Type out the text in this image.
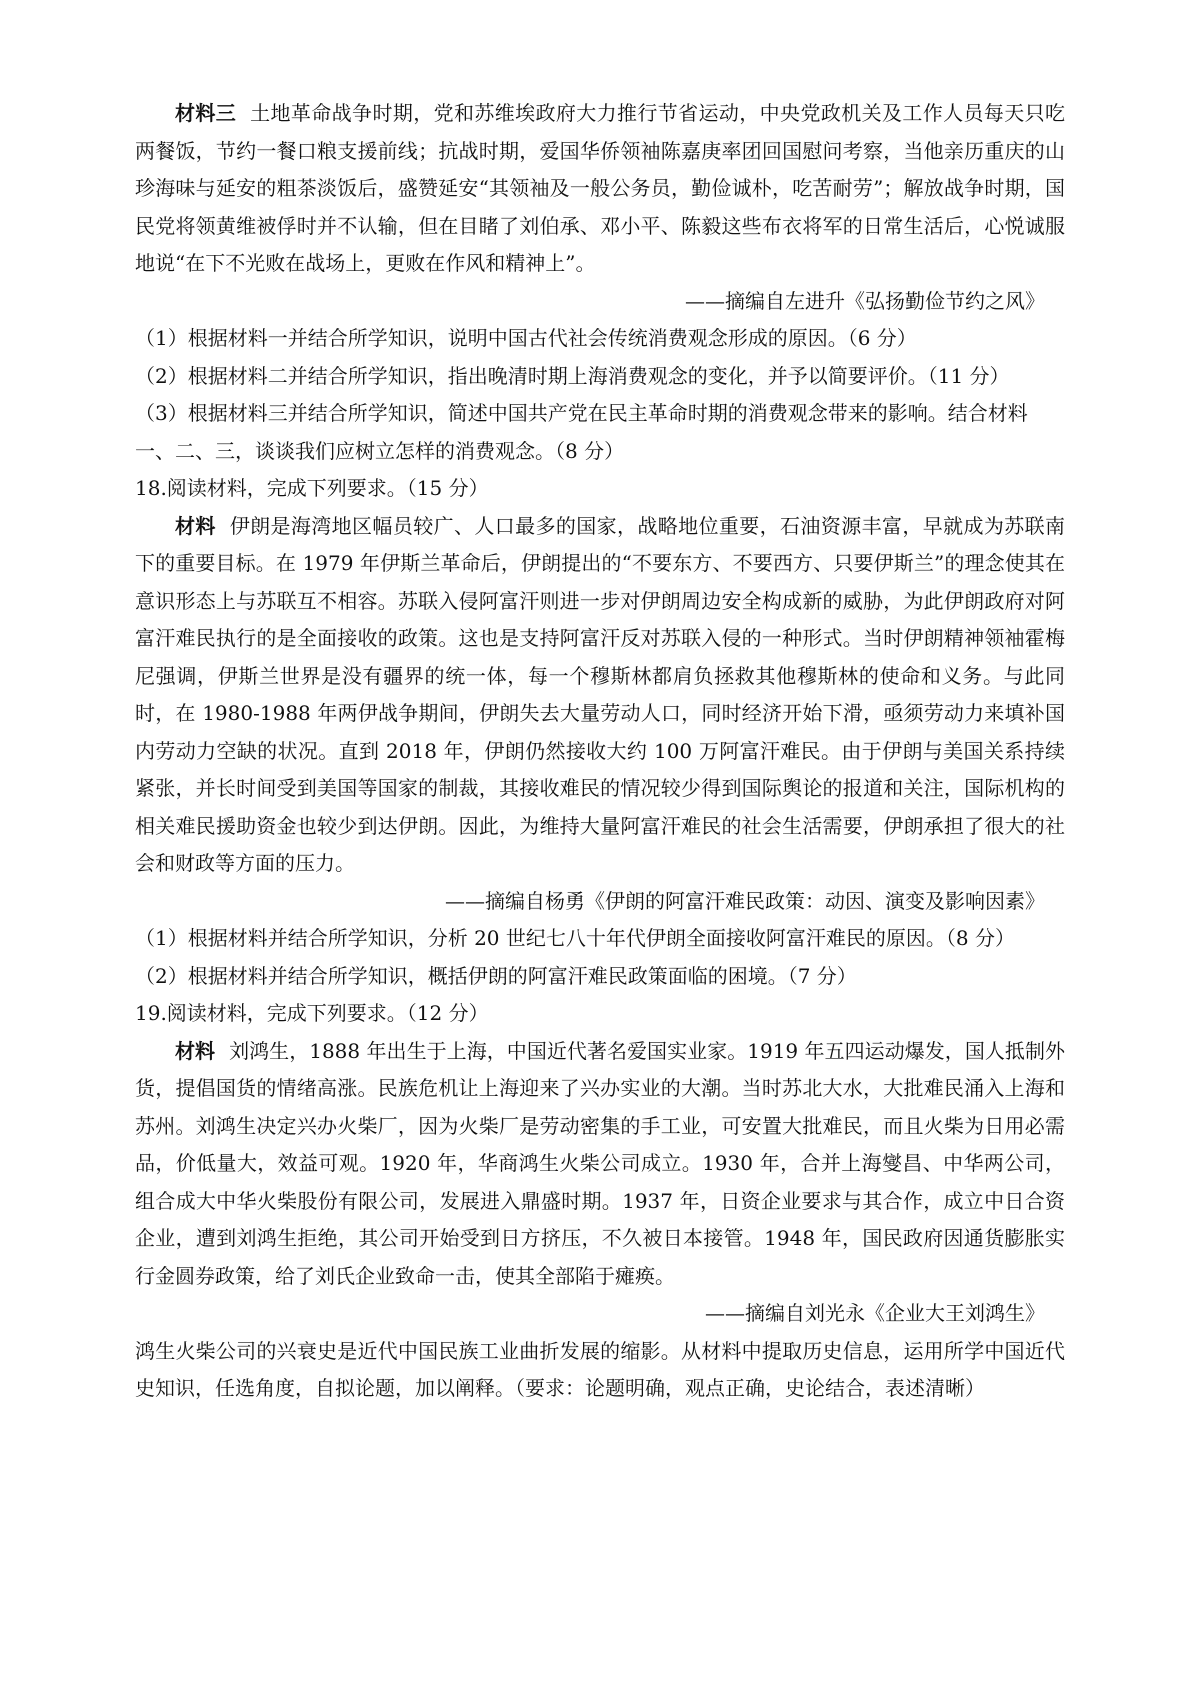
材料三 土地革命战争时期，党和苏维埃政府大力推行节省运动，中央党政机关及工作人员每天只吃两餐饭，节约一餐口粮支援前线；抗战时期，爱国华侨领袖陈嘉庚率团回国慰问考察，当他亲历重庆的山珍海味与延安的粗茶淡饭后，盛赞延安“其领袖及一般公务员，勤俭诚朴，吃苦耐劳”；解放战争时期，国民党将领黄维被俘时并不认输，但在目睹了刘伯承、邓小平、陈毅这些布衣将军的日常生活后，心悦诚服地说“在下不光败在战场上，更败在作风和精神上”。

——摘编自左进升《弘扬勤俭节约之风》

（1）根据材料一并结合所学知识，说明中国古代社会传统消费观念形成的原因。（6 分）

（2）根据材料二并结合所学知识，指出晚清时期上海消费观念的变化，并予以简要评价。（11 分）

（3）根据材料三并结合所学知识，简述中国共产党在民主革命时期的消费观念带来的影响。结合材料一、二、三，谈谈我们应树立怎样的消费观念。（8 分）

18.阅读材料，完成下列要求。（15 分）

材料 伊朗是海湾地区幅员较广、人口最多的国家，战略地位重要，石油资源丰富，早就成为苏联南下的重要目标。在 1979 年伊斯兰革命后，伊朗提出的“不要东方、不要西方、只要伊斯兰”的理念使其在意识形态上与苏联互不相容。苏联入侵阿富汗则进一步对伊朗周边安全构成新的威胁，为此伊朗政府对阿富汗难民执行的是全面接收的政策。这也是支持阿富汗反对苏联入侵的一种形式。当时伊朗精神领袖霍梅尼强调，伊斯兰世界是没有疆界的统一体，每一个穆斯林都肩负拯救其他穆斯林的使命和义务。与此同时，在 1980-1988 年两伊战争期间，伊朗失去大量劳动人口，同时经济开始下滑，亟须劳动力来填补国内劳动力空缺的状况。直到 2018 年，伊朗仍然接收大约 100 万阿富汗难民。由于伊朗与美国关系持续紧张，并长时间受到美国等国家的制裁，其接收难民的情况较少得到国际舆论的报道和关注，国际机构的相关难民援助资金也较少到达伊朗。因此，为维持大量阿富汗难民的社会生活需要，伊朗承担了很大的社会和财政等方面的压力。

——摘编自杨勇《伊朗的阿富汗难民政策：动因、演变及影响因素》

（1）根据材料并结合所学知识，分析 20 世纪七八十年代伊朗全面接收阿富汗难民的原因。（8 分）

（2）根据材料并结合所学知识，概括伊朗的阿富汗难民政策面临的困境。（7 分）

19.阅读材料，完成下列要求。（12 分）

材料 刘鸿生，1888 年出生于上海，中国近代著名爱国实业家。1919 年五四运动爆发，国人抵制外货，提倡国货的情绪高涨。民族危机让上海迎来了兴办实业的大潮。当时苏北大水，大批难民涌入上海和苏州。刘鸿生决定兴办火柴厂，因为火柴厂是劳动密集的手工业，可安置大批难民，而且火柴为日用必需品，价低量大，效益可观。1920 年，华商鸿生火柴公司成立。1930 年，合并上海燮昌、中华两公司，组合成大中华火柴股份有限公司，发展进入鼎盛时期。1937 年，日资企业要求与其合作，成立中日合资企业，遭到刘鸿生拒绝，其公司开始受到日方挤压，不久被日本接管。1948 年，国民政府因通货膨胀实行金圆券政策，给了刘氏企业致命一击，使其全部陷于瘫痪。

——摘编自刘光永《企业大王刘鸿生》

鸿生火柴公司的兴衰史是近代中国民族工业曲折发展的缩影。从材料中提取历史信息，运用所学中国近代史知识，任选角度，自拟论题，加以阐释。（要求：论题明确，观点正确，史论结合，表述清晰）
